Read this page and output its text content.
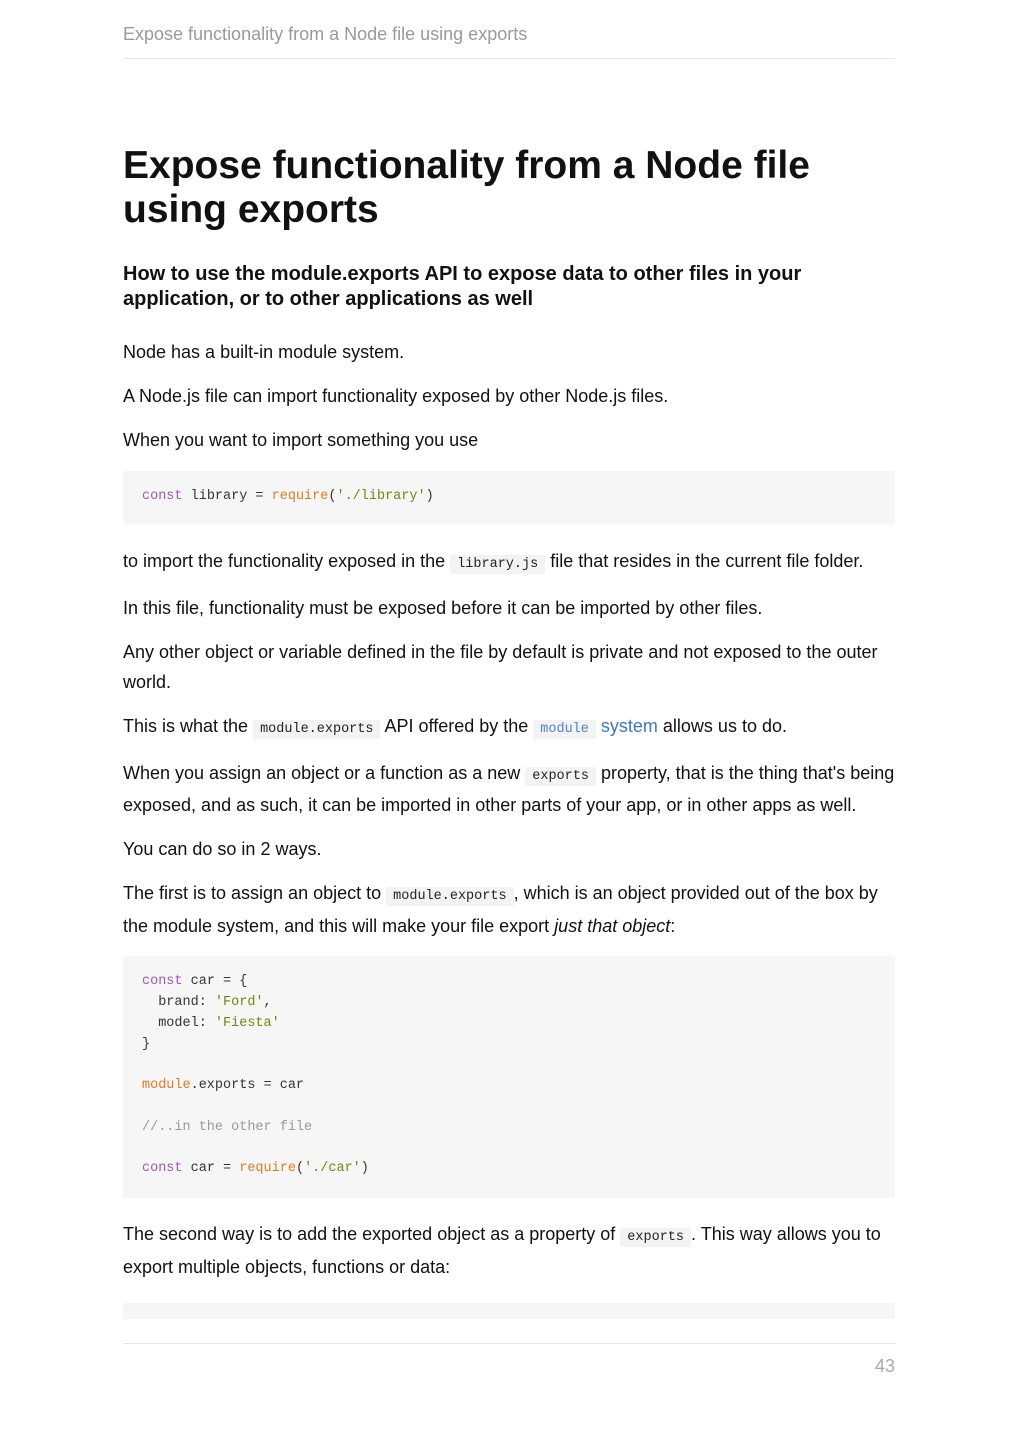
Expose functionality from a Node file using exports
Expose functionality from a Node file using exports
How to use the module.exports API to expose data to other files in your application, or to other applications as well

Node has a built-in module system.

A Node.js file can import functionality exposed by other Node.js files.

When you want to import something you use

const library = require('./library')

to import the functionality exposed in the library.js file that resides in the current file folder.

In this file, functionality must be exposed before it can be imported by other files.

Any other object or variable defined in the file by default is private and not exposed to the outer world.

This is what the module.exports API offered by the module system allows us to do.

When you assign an object or a function as a new exports property, that is the thing that's being exposed, and as such, it can be imported in other parts of your app, or in other apps as well.

You can do so in 2 ways.

The first is to assign an object to module.exports , which is an object provided out of the box by the module system, and this will make your file export just that object:

const car = {
brand: 'Ford',
model: 'Fiesta'
}

module.exports = car

//..in the other file

const car = require('./car')

The second way is to add the exported object as a property of exports . This way allows you to export multiple objects, functions or data:

43
